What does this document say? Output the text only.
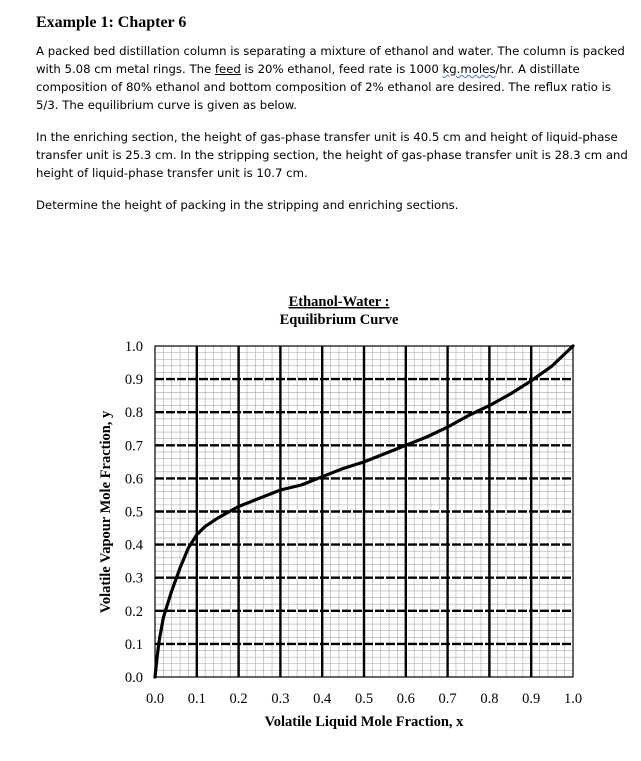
Example 1: Chapter 6
A packed bed distillation column is separating a mixture of ethanol and water. The column is packed with 5.08 cm metal rings. The feed is 20% ethanol, feed rate is 1000 kg.moles/hr. A distillate composition of 80% ethanol and bottom composition of 2% ethanol are desired. The reflux ratio is 5/3. The equilibrium curve is given as below.
In the enriching section, the height of gas-phase transfer unit is 40.5 cm and height of liquid-phase transfer unit is 25.3 cm. In the stripping section, the height of gas-phase transfer unit is 28.3 cm and height of liquid-phase transfer unit is 10.7 cm.
Determine the height of packing in the stripping and enriching sections.
Ethanol-Water :
Equilibrium Curve
0.0 0.1 0.2 0.3 0.4 0.5 0.6 0.7 0.8 0.9 1.0
0.0
0.1
0.2
0.3
0.4
0.5
0.6
0.7
0.8
0.9
1.0
Volatile Liquid Mole Fraction, x
Volatile Vapour Mole Fraction, y
